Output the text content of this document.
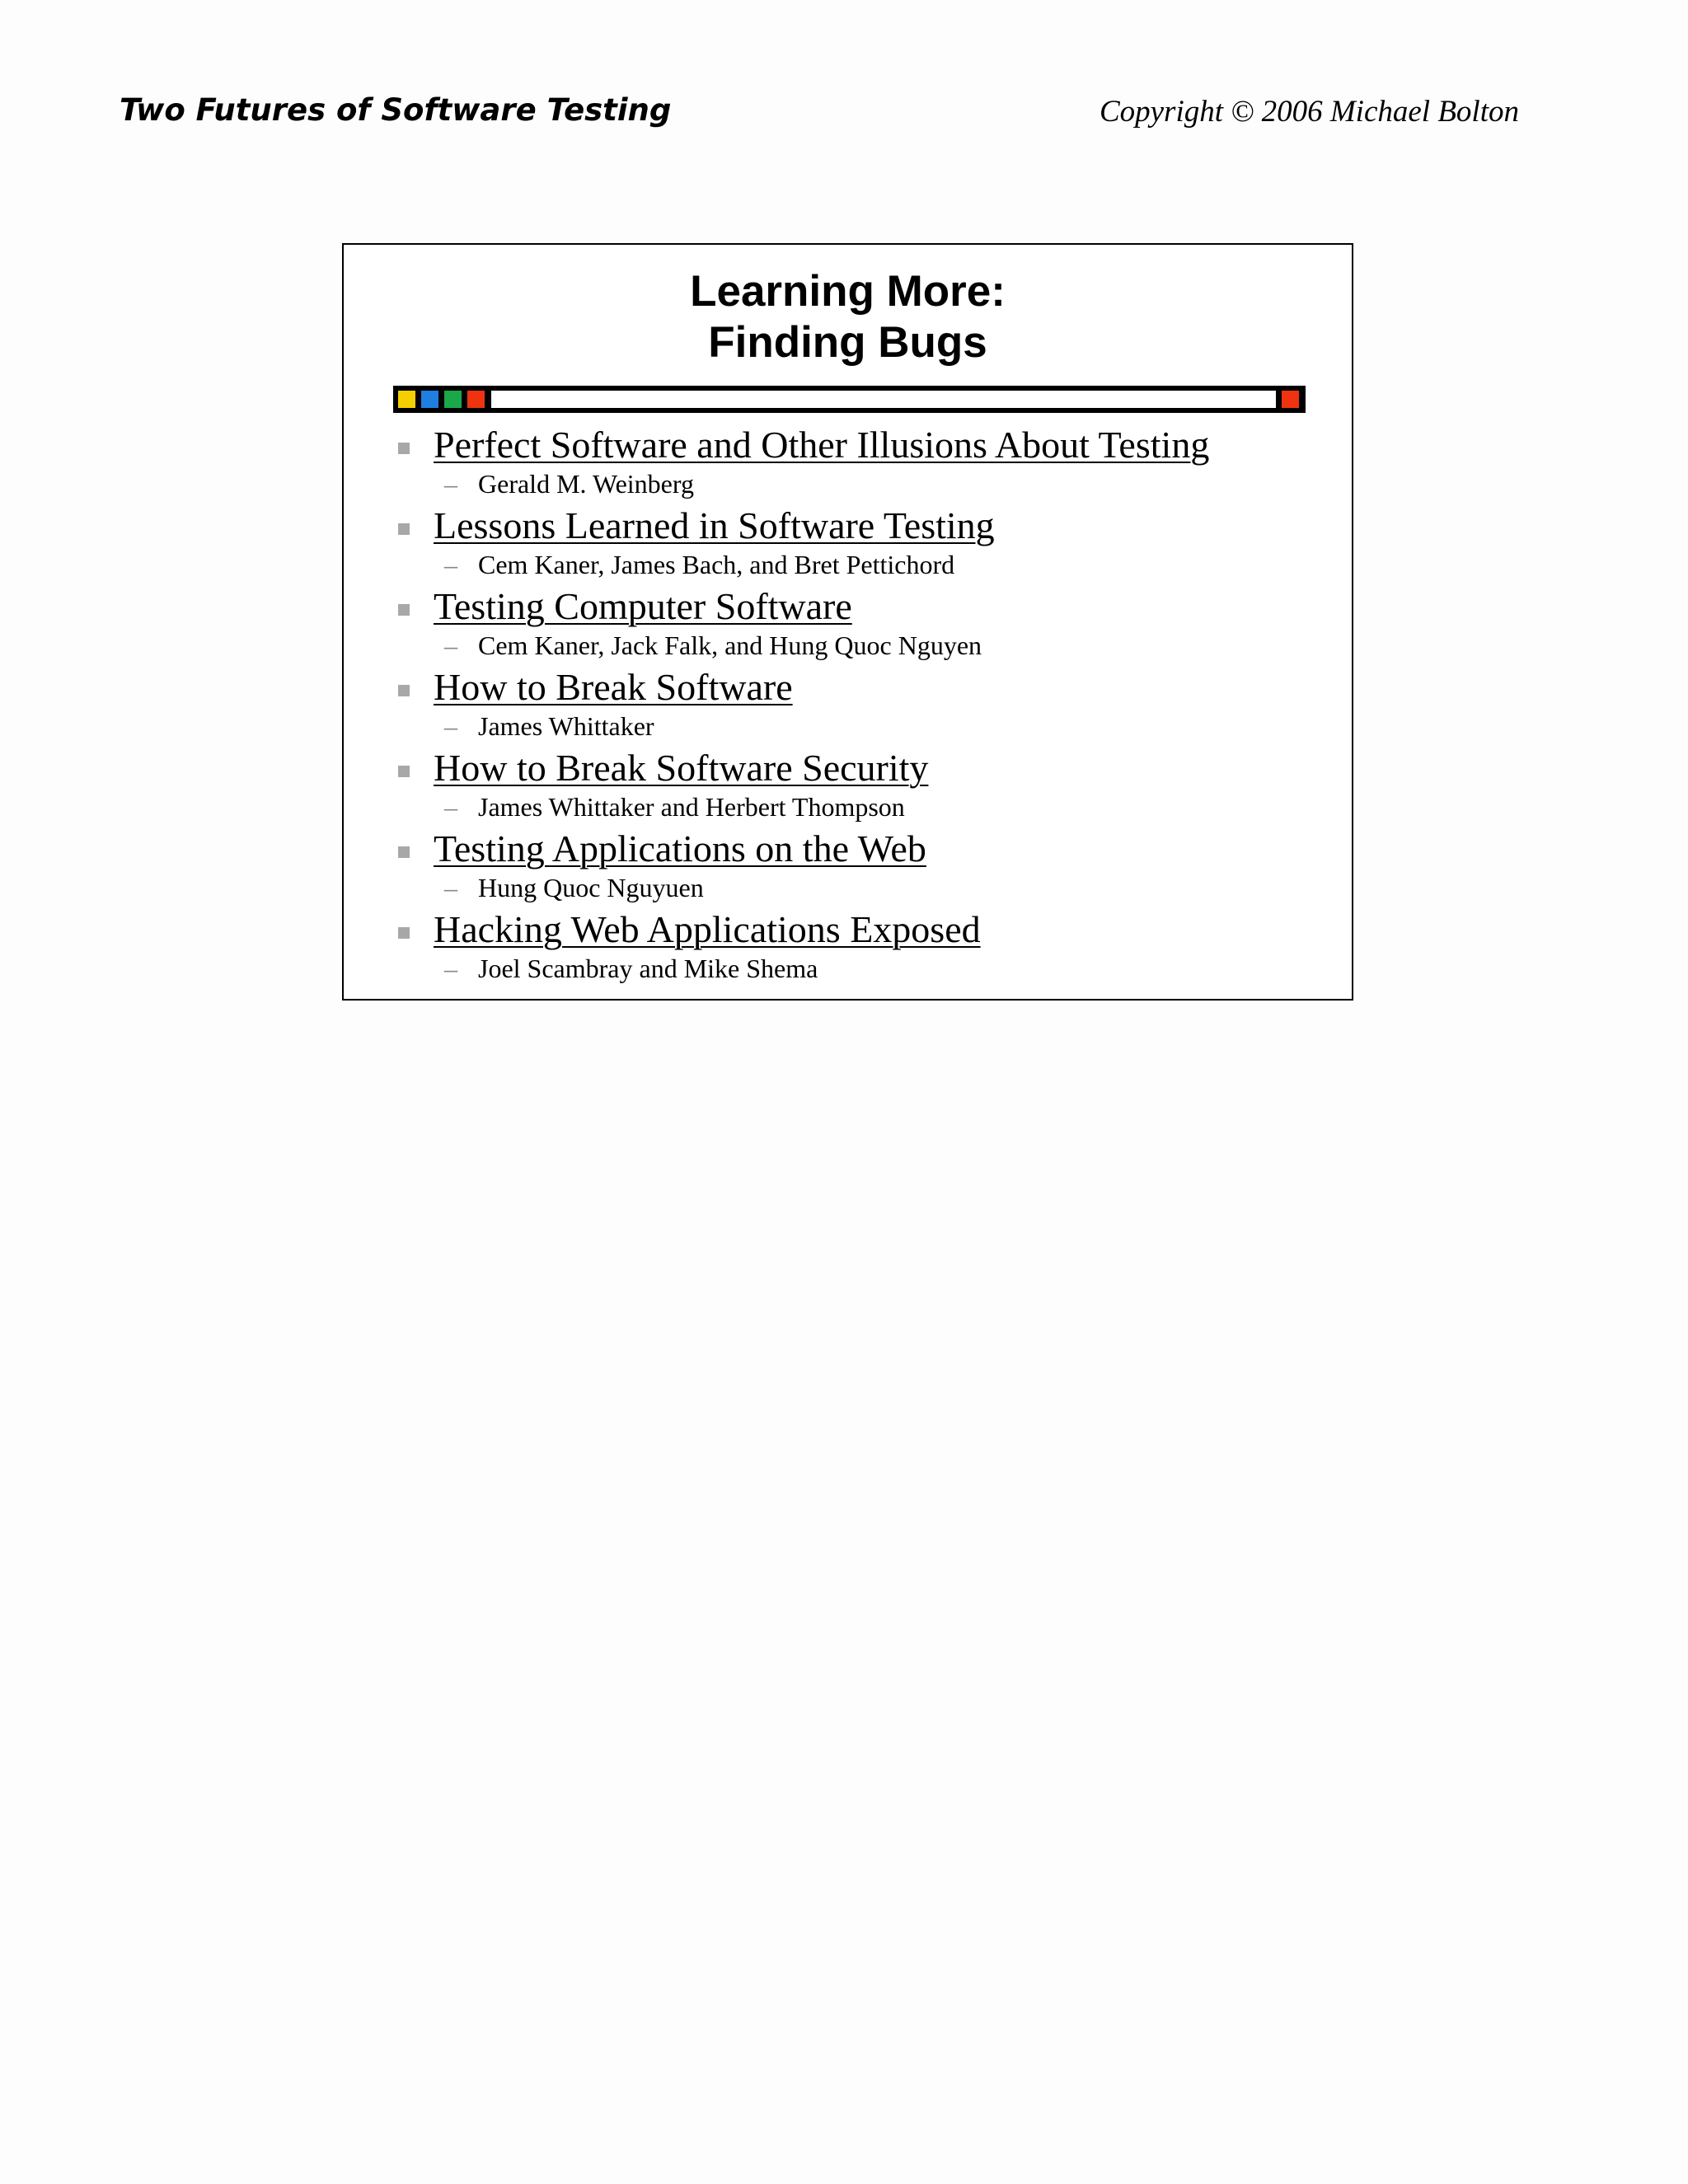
Two Futures of Software Testing	Copyright © 2006 Michael Bolton
Learning More:
Finding Bugs
Perfect Software and Other Illusions About Testing
– Gerald M. Weinberg
Lessons Learned in Software Testing
– Cem Kaner, James Bach, and Bret Pettichord
Testing Computer Software
– Cem Kaner, Jack Falk, and Hung Quoc Nguyen
How to Break Software
– James Whittaker
How to Break Software Security
– James Whittaker and Herbert Thompson
Testing Applications on the Web
– Hung Quoc Nguyuen
Hacking Web Applications Exposed
– Joel Scambray and Mike Shema
